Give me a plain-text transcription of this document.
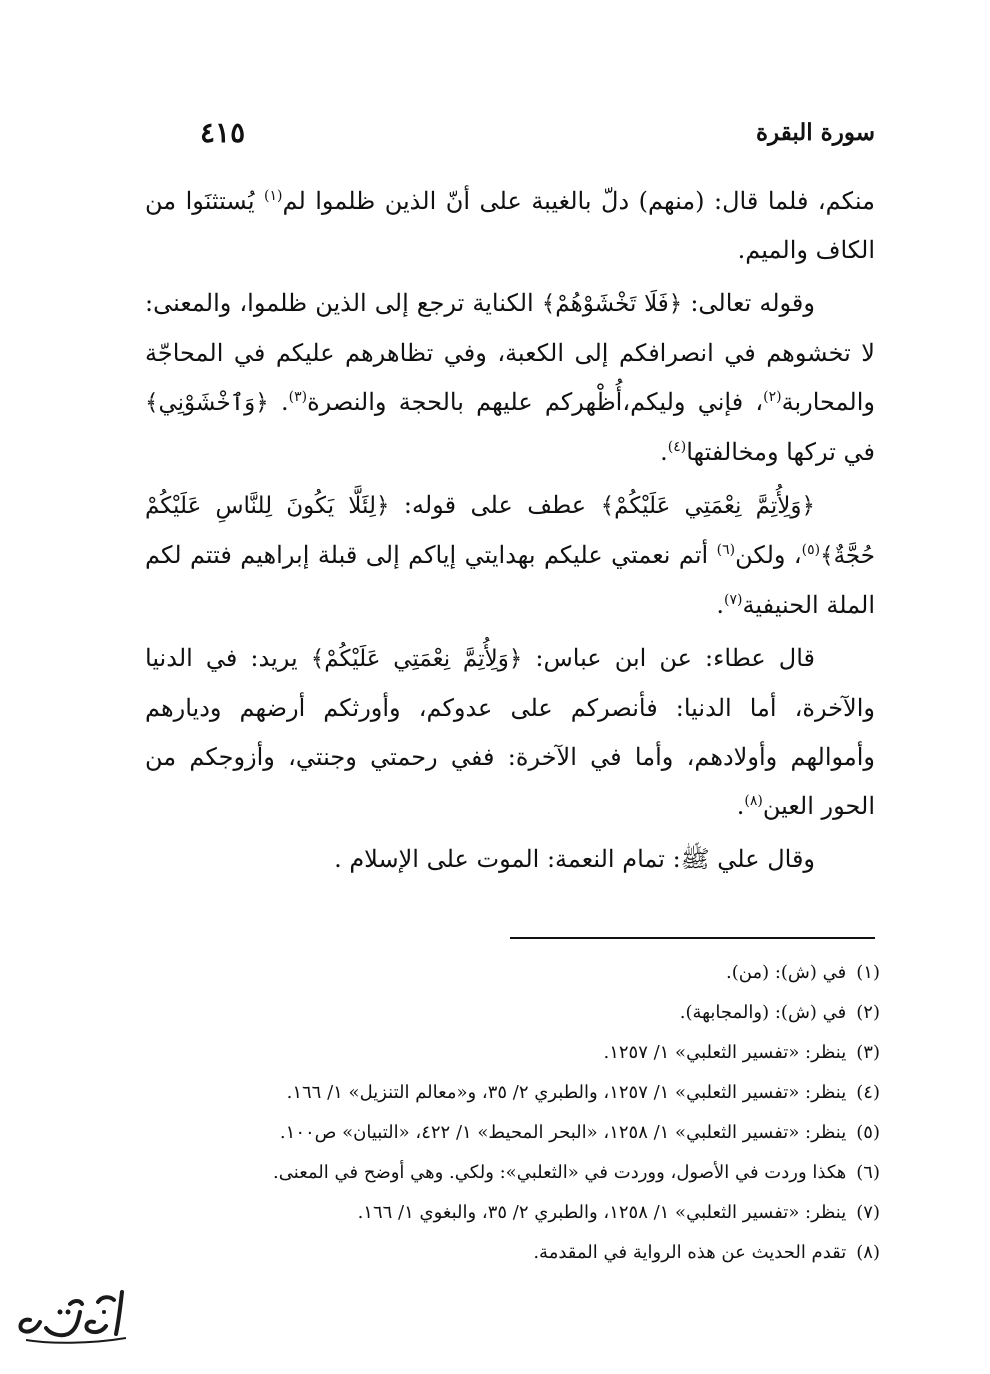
سورة البقرة
٤١٥

منكم، فلما قال: (منهم) دلّ بالغيبة على أنّ الذين ظلموا لم$^{(١)}$ يُستثنَوا من الكاف والميم.

وقوله تعالى: ﴿فَلَا تَخْشَوْهُمْ﴾ الكناية ترجع إلى الذين ظلموا، والمعنى: لا تخشوهم في انصرافكم إلى الكعبة، وفي تظاهرهم عليكم في المحاجّة والمحاربة$^{(٢)}$، فإني وليكم،أُظْهركم عليهم بالحجة والنصرة$^{(٣)}$. ﴿وَٱخْشَوْنِي﴾ في تركها ومخالفتها$^{(٤)}$.

﴿وَلِأُتِمَّ نِعْمَتِي عَلَيْكُمْ﴾ عطف على قوله: ﴿لِئَلَّا يَكُونَ لِلنَّاسِ عَلَيْكُمْ حُجَّةٌ﴾$^{(٥)}$، ولكن$^{(٦)}$ أتم نعمتي عليكم بهدايتي إياكم إلى قبلة إبراهيم فتتم لكم الملة الحنيفية$^{(٧)}$.

قال عطاء: عن ابن عباس: ﴿وَلِأُتِمَّ نِعْمَتِي عَلَيْكُمْ﴾ يريد: في الدنيا والآخرة، أما الدنيا: فأنصركم على عدوكم، وأورثكم أرضهم وديارهم وأموالهم وأولادهم، وأما في الآخرة: ففي رحمتي وجنتي، وأزوجكم من الحور العين$^{(٨)}$.

وقال علي ﷺ: تمام النعمة: الموت على الإسلام .

(١)في (ش): (من).
(٢)في (ش): (والمجابهة).
(٣)ينظر: «تفسير الثعلبي» ١/ ١٢٥٧.
(٤)ينظر: «تفسير الثعلبي» ١/ ١٢٥٧، والطبري ٢/ ٣٥، و«معالم التنزيل» ١/ ١٦٦.
(٥)ينظر: «تفسير الثعلبي» ١/ ١٢٥٨، «البحر المحيط» ١/ ٤٢٢، «التبيان» ص١٠٠.
(٦)هكذا وردت في الأصول، ووردت في «الثعلبي»: ولكي. وهي أوضح في المعنى.
(٧)ينظر: «تفسير الثعلبي» ١/ ١٢٥٨، والطبري ٢/ ٣٥، والبغوي ١/ ١٦٦.
(٨)تقدم الحديث عن هذه الرواية في المقدمة.
